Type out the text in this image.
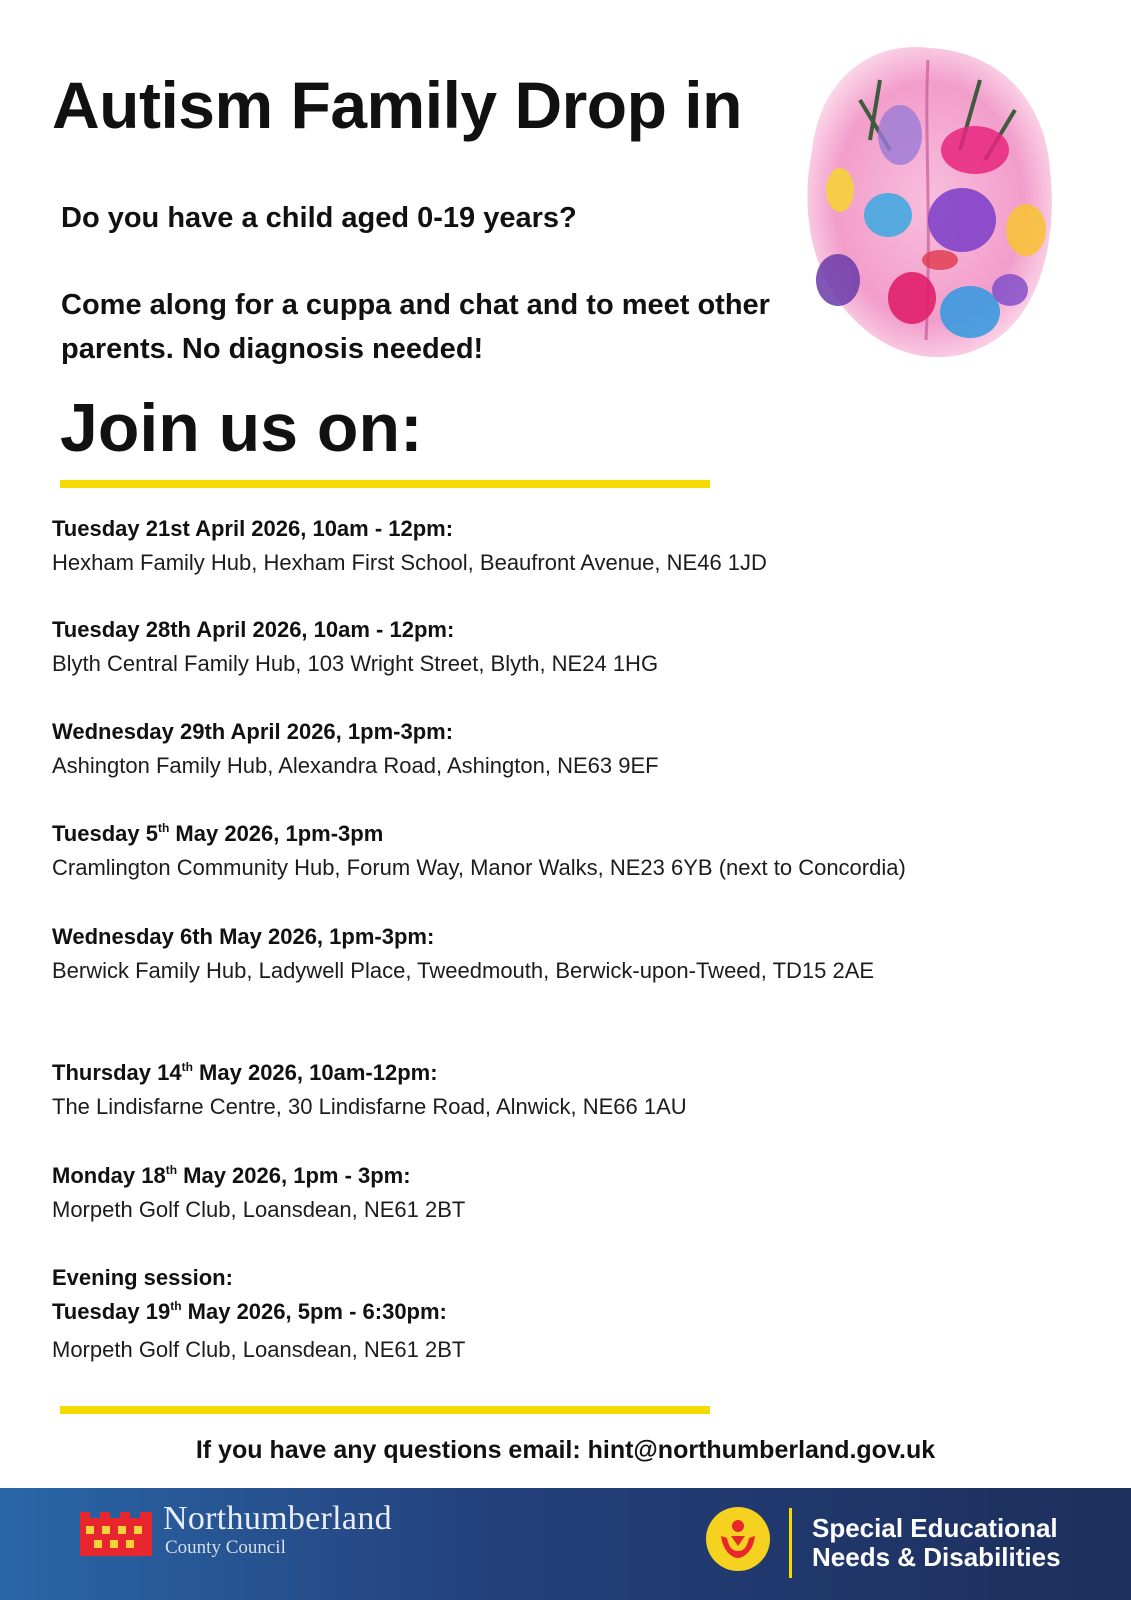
Autism Family Drop in

Do you have a child aged 0-19 years?

Come along for a cuppa and chat and to meet other parents. No diagnosis needed!

Join us on:
Tuesday 21st April 2026, 10am - 12pm:
Hexham Family Hub, Hexham First School, Beaufront Avenue, NE46 1JD
Tuesday 28th April 2026, 10am - 12pm:
Blyth Central Family Hub, 103 Wright Street, Blyth, NE24 1HG
Wednesday 29th April 2026, 1pm-3pm:
Ashington Family Hub, Alexandra Road, Ashington, NE63 9EF
Tuesday 5th May 2026, 1pm-3pm
Cramlington Community Hub, Forum Way, Manor Walks, NE23 6YB (next to Concordia)
Wednesday 6th May 2026, 1pm-3pm:
Berwick Family Hub, Ladywell Place, Tweedmouth, Berwick-upon-Tweed, TD15 2AE
Thursday 14th May 2026, 10am-12pm:
The Lindisfarne Centre, 30 Lindisfarne Road, Alnwick, NE66 1AU
Monday 18th May 2026, 1pm - 3pm:
Morpeth Golf Club, Loansdean, NE61 2BT
Evening session:
Tuesday 19th May 2026, 5pm - 6:30pm:
Morpeth Golf Club, Loansdean, NE61 2BT

If you have any questions email: hint@northumberland.gov.uk

Northumberland

County Council

Special Educational
Needs & Disabilities
